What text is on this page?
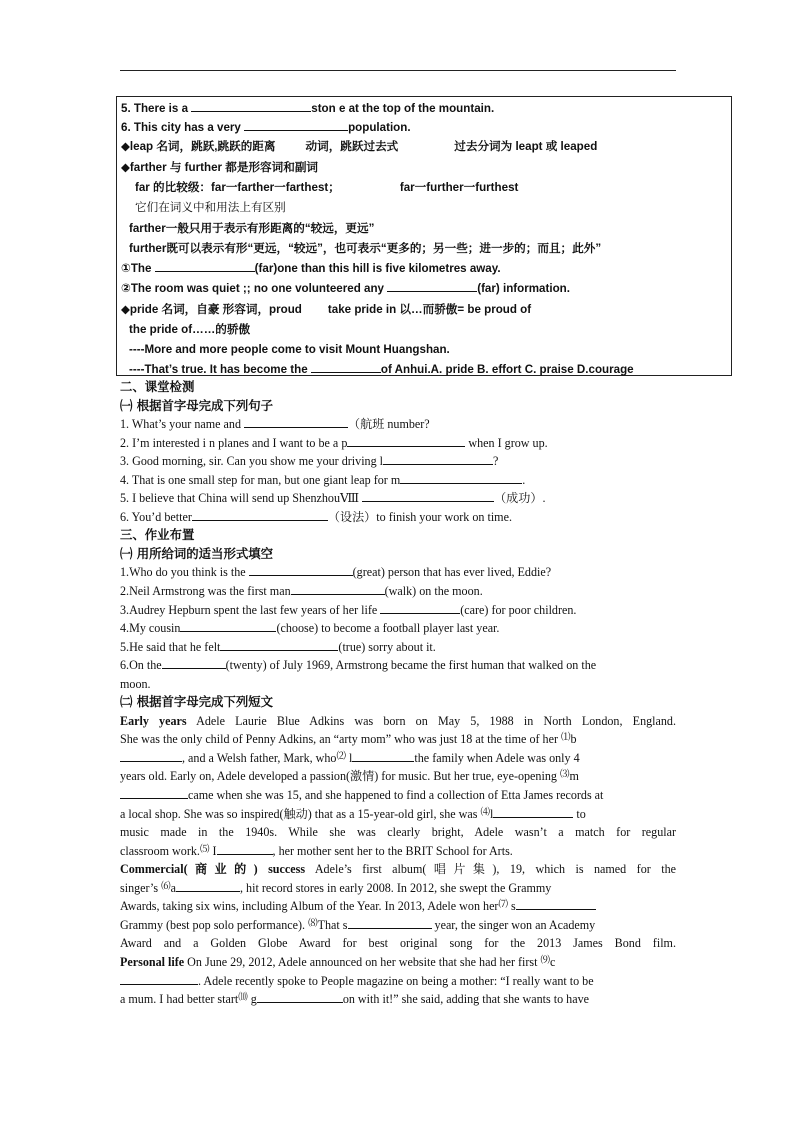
5. There is a	ston e at the top of the mountain.
6. This city has a very	population.
◆leap 名词，跳跃,跳跃的距离	动词，跳跃过去式	过去分词为 leapt 或 leaped
◆farther 与 further 都是形容词和副词
far 的比较级：far一farther一farthest；	far一further一furthest
它们在词义中和用法上有区别
farther一般只用于表示有形距离的“较远，更远”
further既可以表示有形“更远，“较远”，也可表示“更多的；另一些；进一步的；而且；此外”
①The	(far)one than this hill is five kilometres away.
②The room was quiet ;; no one volunteered any	(far) information.
◆pride 名词，自豪 形容词，proud take pride in 以…而骄傲= be proud of
the pride of……的骄傲
----More and more people come to visit Mount Huangshan.
----That’s true. It has become the	of Anhui.A. pride B. effort C. praise D.courage
二、课堂检测
㈠ 根据首字母完成下列句子
1. What’s your name and	（航班 number?
2. I’m interested i n planes and I want to be a p	when I grow up.
3. Good morning, sir. Can you show me your driving l	?
4. That is one small step for man, but one giant leap for m	.
5. I believe that China will send up ShenzhouⅧ	（成功）.
6. You’d better	（设法）to finish your work on time.
三、作业布置
㈠ 用所给词的适当形式填空
1.Who do you think is the	(great) person that has ever lived, Eddie?
2.Neil Armstrong was the first man	(walk) on the moon.
3.Audrey Hepburn spent the last few years of her life	(care) for poor children.
4.My cousin	(choose) to become a football player last year.
5.He said that he felt	(true) sorry about it.
6.On the	(twenty) of July 1969, Armstrong became the first human that walked on the
moon.
㈡ 根据首字母完成下列短文
Early years Adele Laurie Blue Adkins was born on May 5, 1988 in North London, England.
She was the only child of Penny Adkins, an “arty mom” who was just 18 at the time of her ⑴b
, and a Welsh father, Mark, who⑵ l	the family when Adele was only 4
years old. Early on, Adele developed a passion(激情) for music. But her true, eye-opening ⑶m
came when she was 15, and she happened to find a collection of Etta James records at
a local shop. She was so inspired(触动) that as a 15-year-old girl, she was ⑷l	to
music made in the 1940s. While she was clearly bright, Adele wasn’t a match for regular
classroom work.⑸ I	, her mother sent her to the BRIT School for Arts.
Commercial(商业的) success Adele’s first album(唱片集), 19, which is named for the
singer’s ⑹a	, hit record stores in early 2008. In 2012, she swept the Grammy
Awards, taking six wins, including Album of the Year. In 2013, Adele won her⑺ s
Grammy (best pop solo performance). ⑻That s	year, the singer won an Academy
Award and a Golden Globe Award for best original song for the 2013 James Bond film.
Personal life On June 29, 2012, Adele announced on her website that she had her first ⑼c
. Adele recently spoke to People magazine on being a mother: “I really want to be
a mum. I had better start⑽ g	on with it!” she said, adding that she wants to have
